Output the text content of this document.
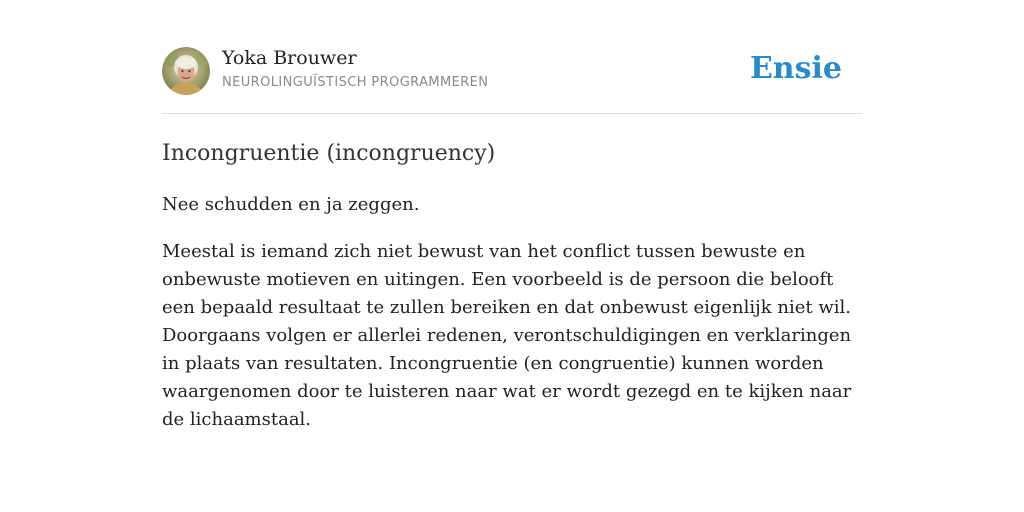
Yoka Brouwer
NEUROLINGUÏSTISCH PROGRAMMEREN	Ensie
Incongruentie (incongruency)

Nee schudden en ja zeggen.

Meestal is iemand zich niet bewust van het conflict tussen bewuste en onbewuste motieven en uitingen. Een voorbeeld is de persoon die belooft een bepaald resultaat te zullen bereiken en dat onbewust eigenlijk niet wil. Doorgaans volgen er allerlei redenen, verontschuldigingen en verklaringen in plaats van resultaten. Incongruentie (en congruentie) kunnen worden waargenomen door te luisteren naar wat er wordt gezegd en te kijken naar de lichaamstaal.
